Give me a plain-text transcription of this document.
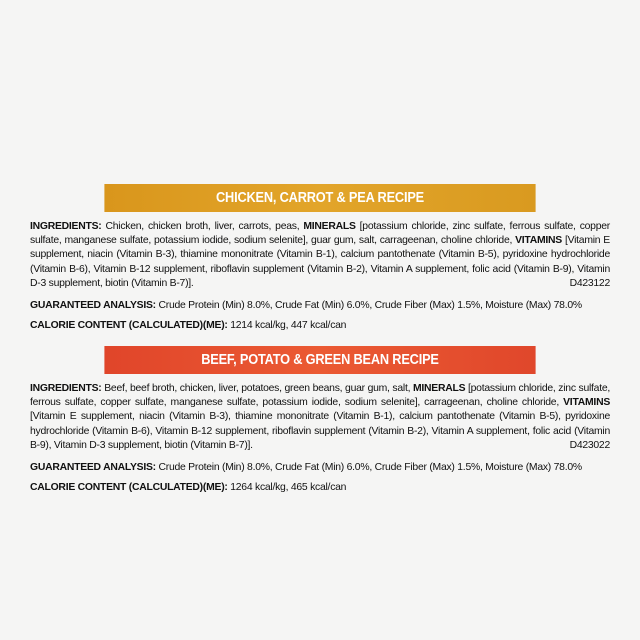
CHICKEN, CARROT & PEA RECIPE
INGREDIENTS: Chicken, chicken broth, liver, carrots, peas, MINERALS [potassium chloride, zinc sulfate, ferrous sulfate, copper sulfate, manganese sulfate, potassium iodide, sodium selenite], guar gum, salt, carrageenan, choline chloride, VITAMINS [Vitamin E supplement, niacin (Vitamin B-3), thiamine mononitrate (Vitamin B-1), calcium pantothenate (Vitamin B-5), pyridoxine hydrochloride (Vitamin B-6), Vitamin B-12 supplement, riboflavin supplement (Vitamin B-2), Vitamin A supplement, folic acid (Vitamin B-9), Vitamin D-3 supplement, biotin (Vitamin B-7)].	D423122
GUARANTEED ANALYSIS: Crude Protein (Min) 8.0%, Crude Fat (Min) 6.0%, Crude Fiber (Max) 1.5%, Moisture (Max) 78.0%
CALORIE CONTENT (CALCULATED)(ME): 1214 kcal/kg, 447 kcal/can
BEEF, POTATO & GREEN BEAN RECIPE
INGREDIENTS: Beef, beef broth, chicken, liver, potatoes, green beans, guar gum, salt, MINERALS [potassium chloride, zinc sulfate, ferrous sulfate, copper sulfate, manganese sulfate, potassium iodide, sodium selenite], carrageenan, choline chloride, VITAMINS [Vitamin E supplement, niacin (Vitamin B-3), thiamine mononitrate (Vitamin B-1), calcium pantothenate (Vitamin B-5), pyridoxine hydrochloride (Vitamin B-6), Vitamin B-12 supplement, riboflavin supplement (Vitamin B-2), Vitamin A supplement, folic acid (Vitamin B-9), Vitamin D-3 supplement, biotin (Vitamin B-7)].	D423022
GUARANTEED ANALYSIS: Crude Protein (Min) 8.0%, Crude Fat (Min) 6.0%, Crude Fiber (Max) 1.5%, Moisture (Max) 78.0%
CALORIE CONTENT (CALCULATED)(ME): 1264 kcal/kg, 465 kcal/can
